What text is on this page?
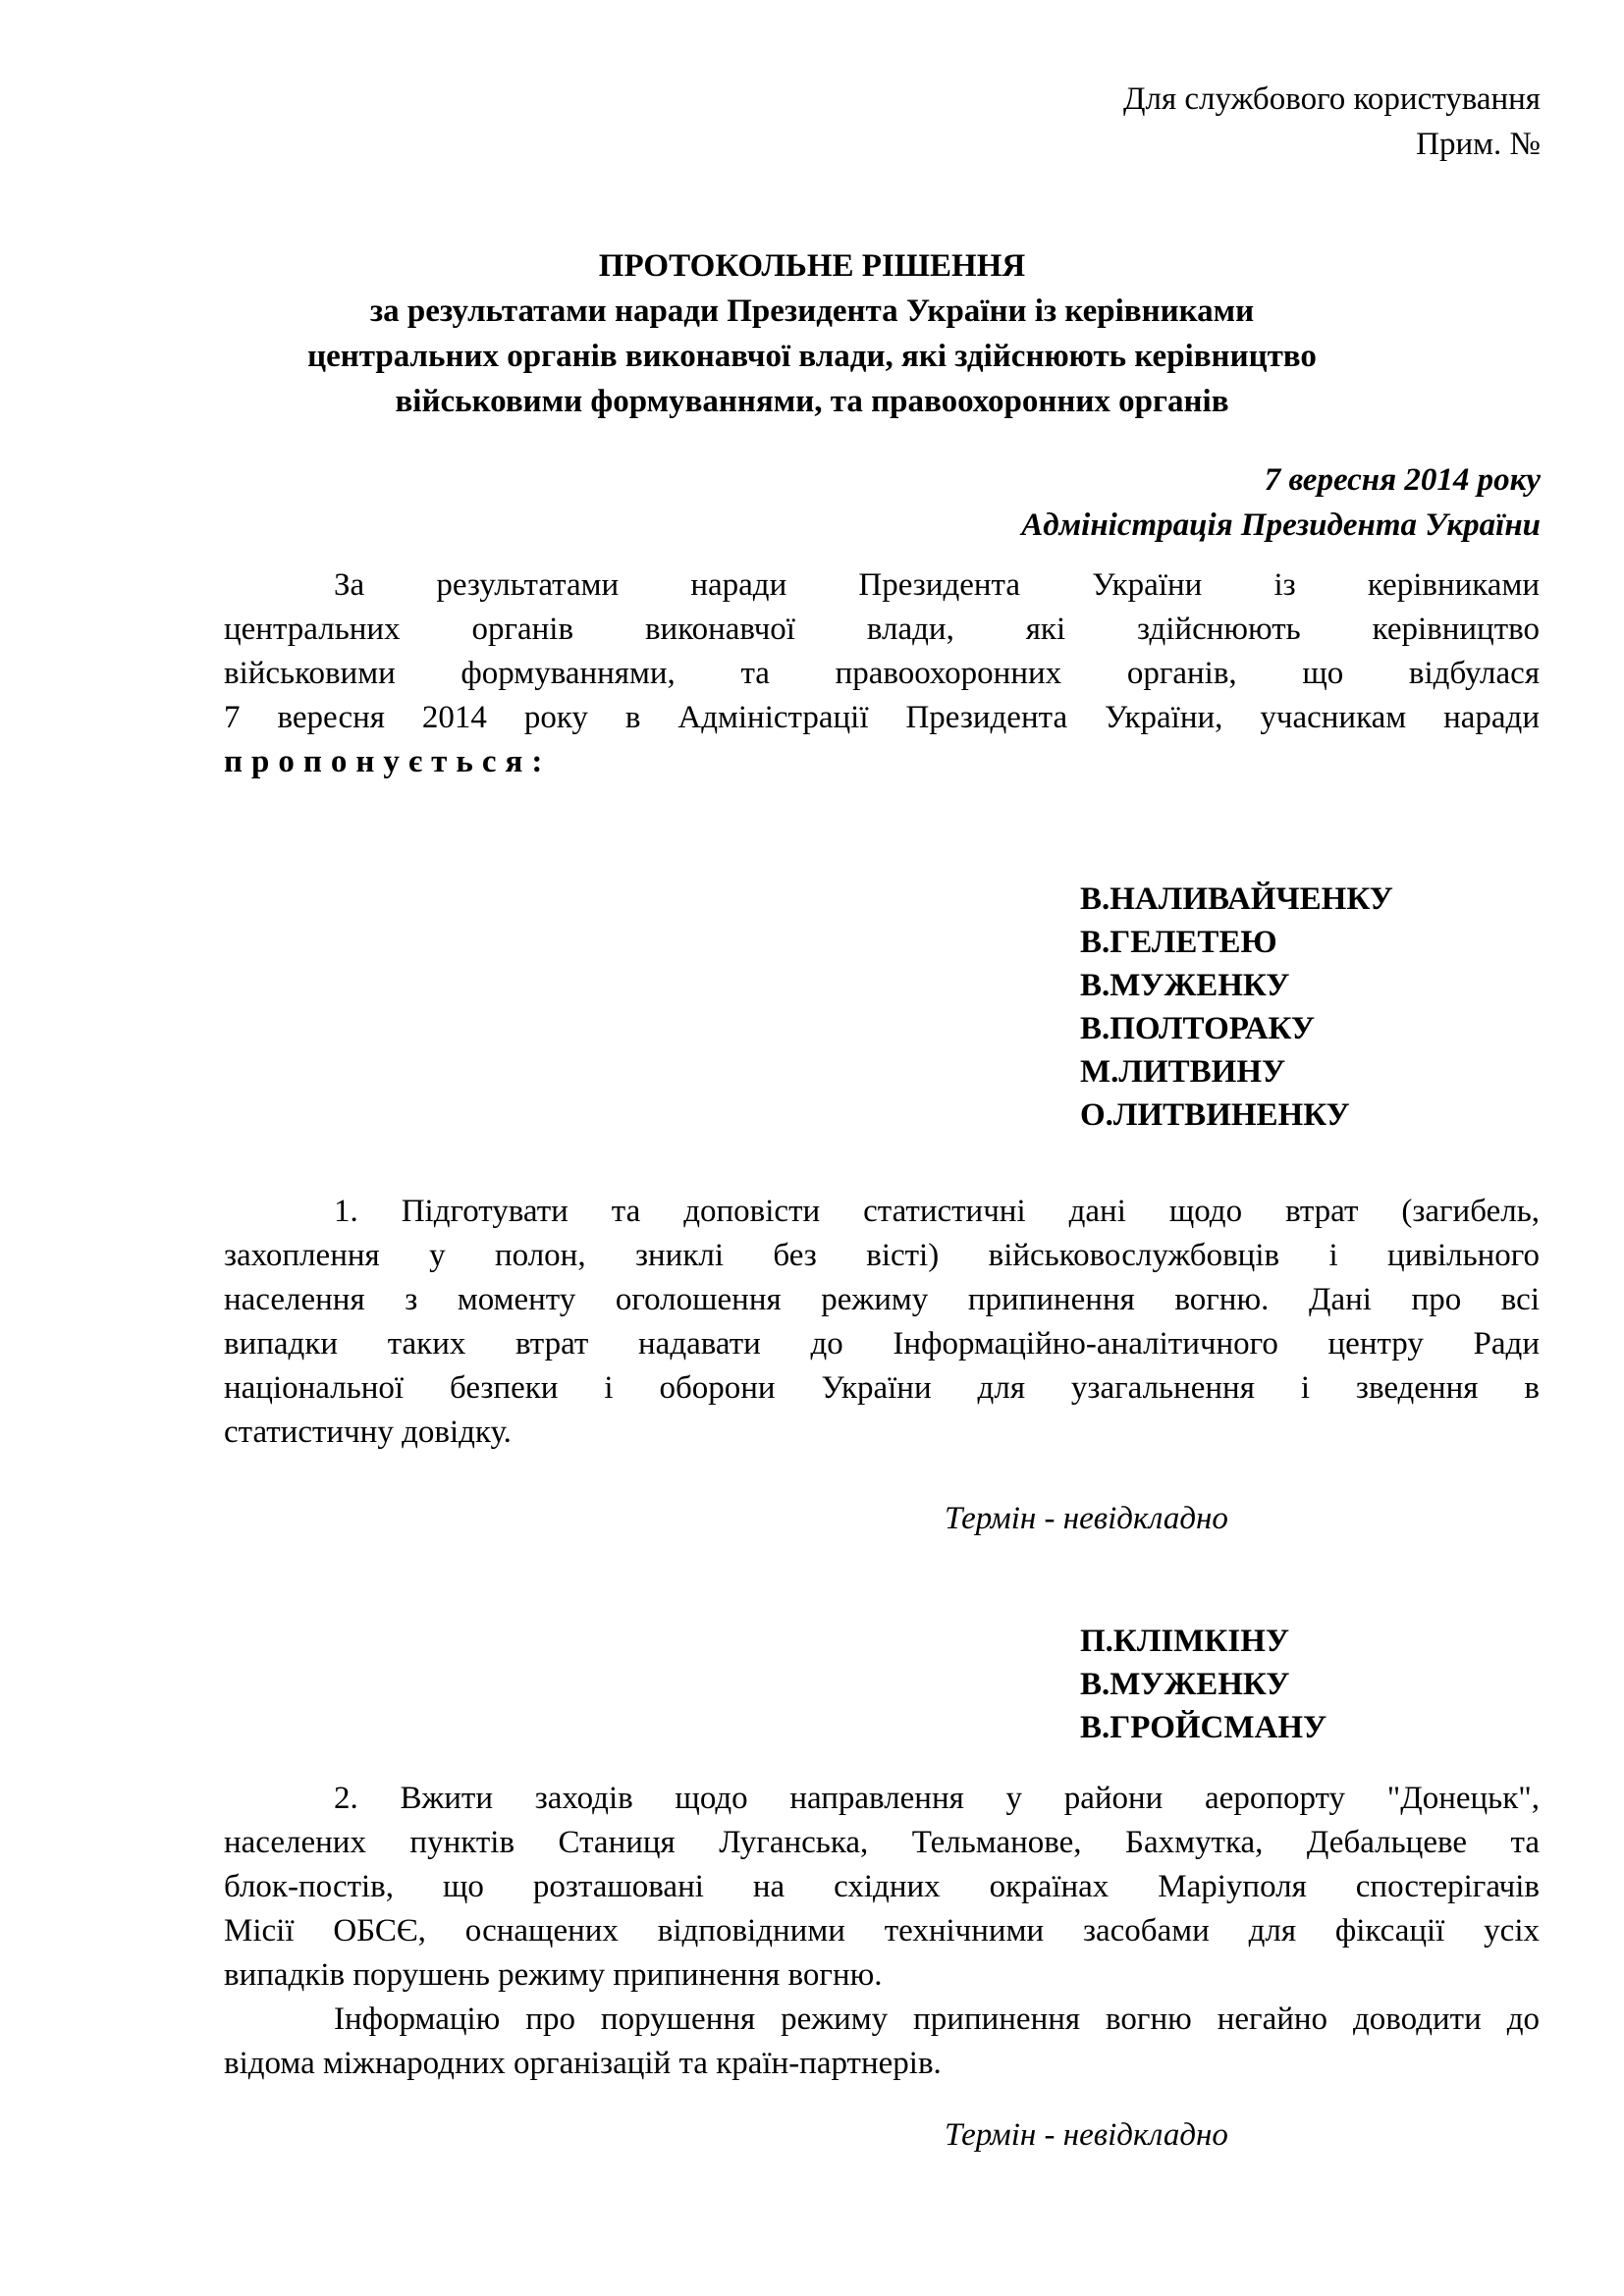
Для службового користування
Прим. №
ПРОТОКОЛЬНЕ РІШЕННЯ
за результатами наради Президента України із керівниками
центральних органів виконавчої влади, які здійснюють керівництво
військовими формуваннями, та правоохоронних органів
7 вересня 2014 року
Адміністрація Президента України
За результатами наради Президента України із керівниками
центральних органів виконавчої влади, які здійснюють керівництво
військовими формуваннями, та правоохоронних органів, що відбулася
7 вересня 2014 року в Адміністрації Президента України, учасникам наради
пропонується:
В.НАЛИВАЙЧЕНКУ
В.ГЕЛЕТЕЮ
В.МУЖЕНКУ
В.ПОЛТОРАКУ
М.ЛИТВИНУ
О.ЛИТВИНЕНКУ
1. Підготувати та доповісти статистичні дані щодо втрат (загибель,
захоплення у полон, зниклі без вісті) військовослужбовців і цивільного
населення з моменту оголошення режиму припинення вогню. Дані про всі
випадки таких втрат надавати до Інформаційно-аналітичного центру Ради
національної безпеки і оборони України для узагальнення і зведення в
статистичну довідку.
Термін - невідкладно
П.КЛІМКІНУ
В.МУЖЕНКУ
В.ГРОЙСМАНУ
2. Вжити заходів щодо направлення у райони аеропорту "Донецьк",
населених пунктів Станиця Луганська, Тельманове, Бахмутка, Дебальцеве та
блок-постів, що розташовані на східних окраїнах Маріуполя спостерігачів
Місії ОБСЄ, оснащених відповідними технічними засобами для фіксації усіх
випадків порушень режиму припинення вогню.
Інформацію про порушення режиму припинення вогню негайно доводити до
відома міжнародних організацій та країн-партнерів.
Термін - невідкладно
